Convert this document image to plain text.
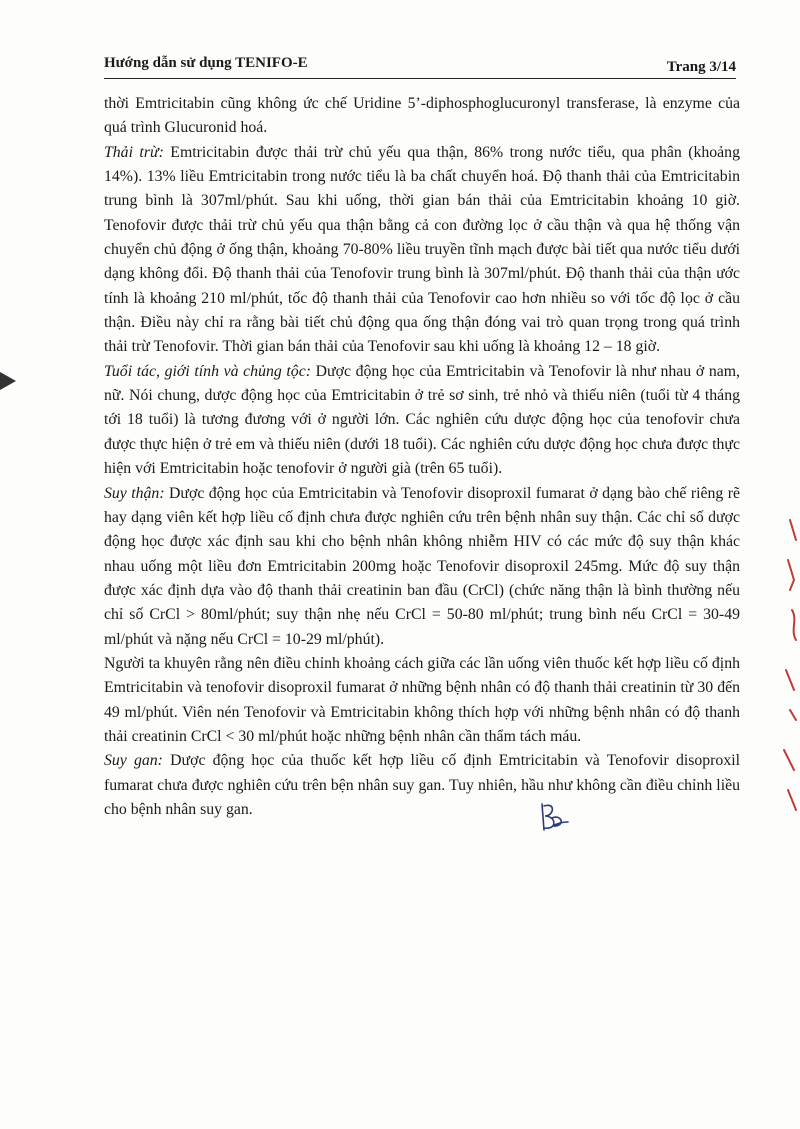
Hướng dẫn sử dụng TENIFO-E	Trang 3/14

thời Emtricitabin cũng không ức chế Uridine 5’-diphosphoglucuronyl transferase, là enzyme của quá trình Glucuronid hoá.

Thải trừ: Emtricitabin được thải trừ chủ yếu qua thận, 86% trong nước tiểu, qua phân (khoảng 14%). 13% liều Emtricitabin trong nước tiểu là ba chất chuyển hoá. Độ thanh thải của Emtricitabin trung bình là 307ml/phút. Sau khi uống, thời gian bán thải của Emtricitabin khoảng 10 giờ. Tenofovir được thải trừ chủ yếu qua thận bằng cả con đường lọc ở cầu thận và qua hệ thống vận chuyển chủ động ở ống thận, khoảng 70-80% liều truyền tĩnh mạch được bài tiết qua nước tiểu dưới dạng không đổi. Độ thanh thải của Tenofovir trung bình là 307ml/phút. Độ thanh thải của thận ước tính là khoảng 210 ml/phút, tốc độ thanh thải của Tenofovir cao hơn nhiều so với tốc độ lọc ở cầu thận. Điều này chỉ ra rằng bài tiết chủ động qua ống thận đóng vai trò quan trọng trong quá trình thải trừ Tenofovir. Thời gian bán thải của Tenofovir sau khi uống là khoảng 12 – 18 giờ.

Tuổi tác, giới tính và chủng tộc: Dược động học của Emtricitabin và Tenofovir là như nhau ở nam, nữ. Nói chung, dược động học của Emtricitabin ở trẻ sơ sinh, trẻ nhỏ và thiếu niên (tuổi từ 4 tháng tới 18 tuổi) là tương đương với ở người lớn. Các nghiên cứu dược động học của tenofovir chưa được thực hiện ở trẻ em và thiếu niên (dưới 18 tuổi). Các nghiên cứu dược động học chưa được thực hiện với Emtricitabin hoặc tenofovir ở người già (trên 65 tuổi).

Suy thận: Dược động học của Emtricitabin và Tenofovir disoproxil fumarat ở dạng bào chế riêng rẽ hay dạng viên kết hợp liều cố định chưa được nghiên cứu trên bệnh nhân suy thận. Các chỉ số dược động học được xác định sau khi cho bệnh nhân không nhiễm HIV có các mức độ suy thận khác nhau uống một liều đơn Emtricitabin 200mg hoặc Tenofovir disoproxil 245mg. Mức độ suy thận được xác định dựa vào độ thanh thải creatinin ban đầu (CrCl) (chức năng thận là bình thường nếu chỉ số CrCl > 80ml/phút; suy thận nhẹ nếu CrCl = 50-80 ml/phút; trung bình nếu CrCl = 30-49 ml/phút và nặng nếu CrCl = 10-29 ml/phút).

Người ta khuyên rằng nên điều chỉnh khoảng cách giữa các lần uống viên thuốc kết hợp liều cố định Emtricitabin và tenofovir disoproxil fumarat ở những bệnh nhân có độ thanh thải creatinin từ 30 đến 49 ml/phút. Viên nén Tenofovir và Emtricitabin không thích hợp với những bệnh nhân có độ thanh thải creatinin CrCl < 30 ml/phút hoặc những bệnh nhân cần thẩm tách máu.

Suy gan: Dược động học của thuốc kết hợp liều cố định Emtricitabin và Tenofovir disoproxil fumarat chưa được nghiên cứu trên bện nhân suy gan. Tuy nhiên, hầu như không cần điều chỉnh liều cho bệnh nhân suy gan.
